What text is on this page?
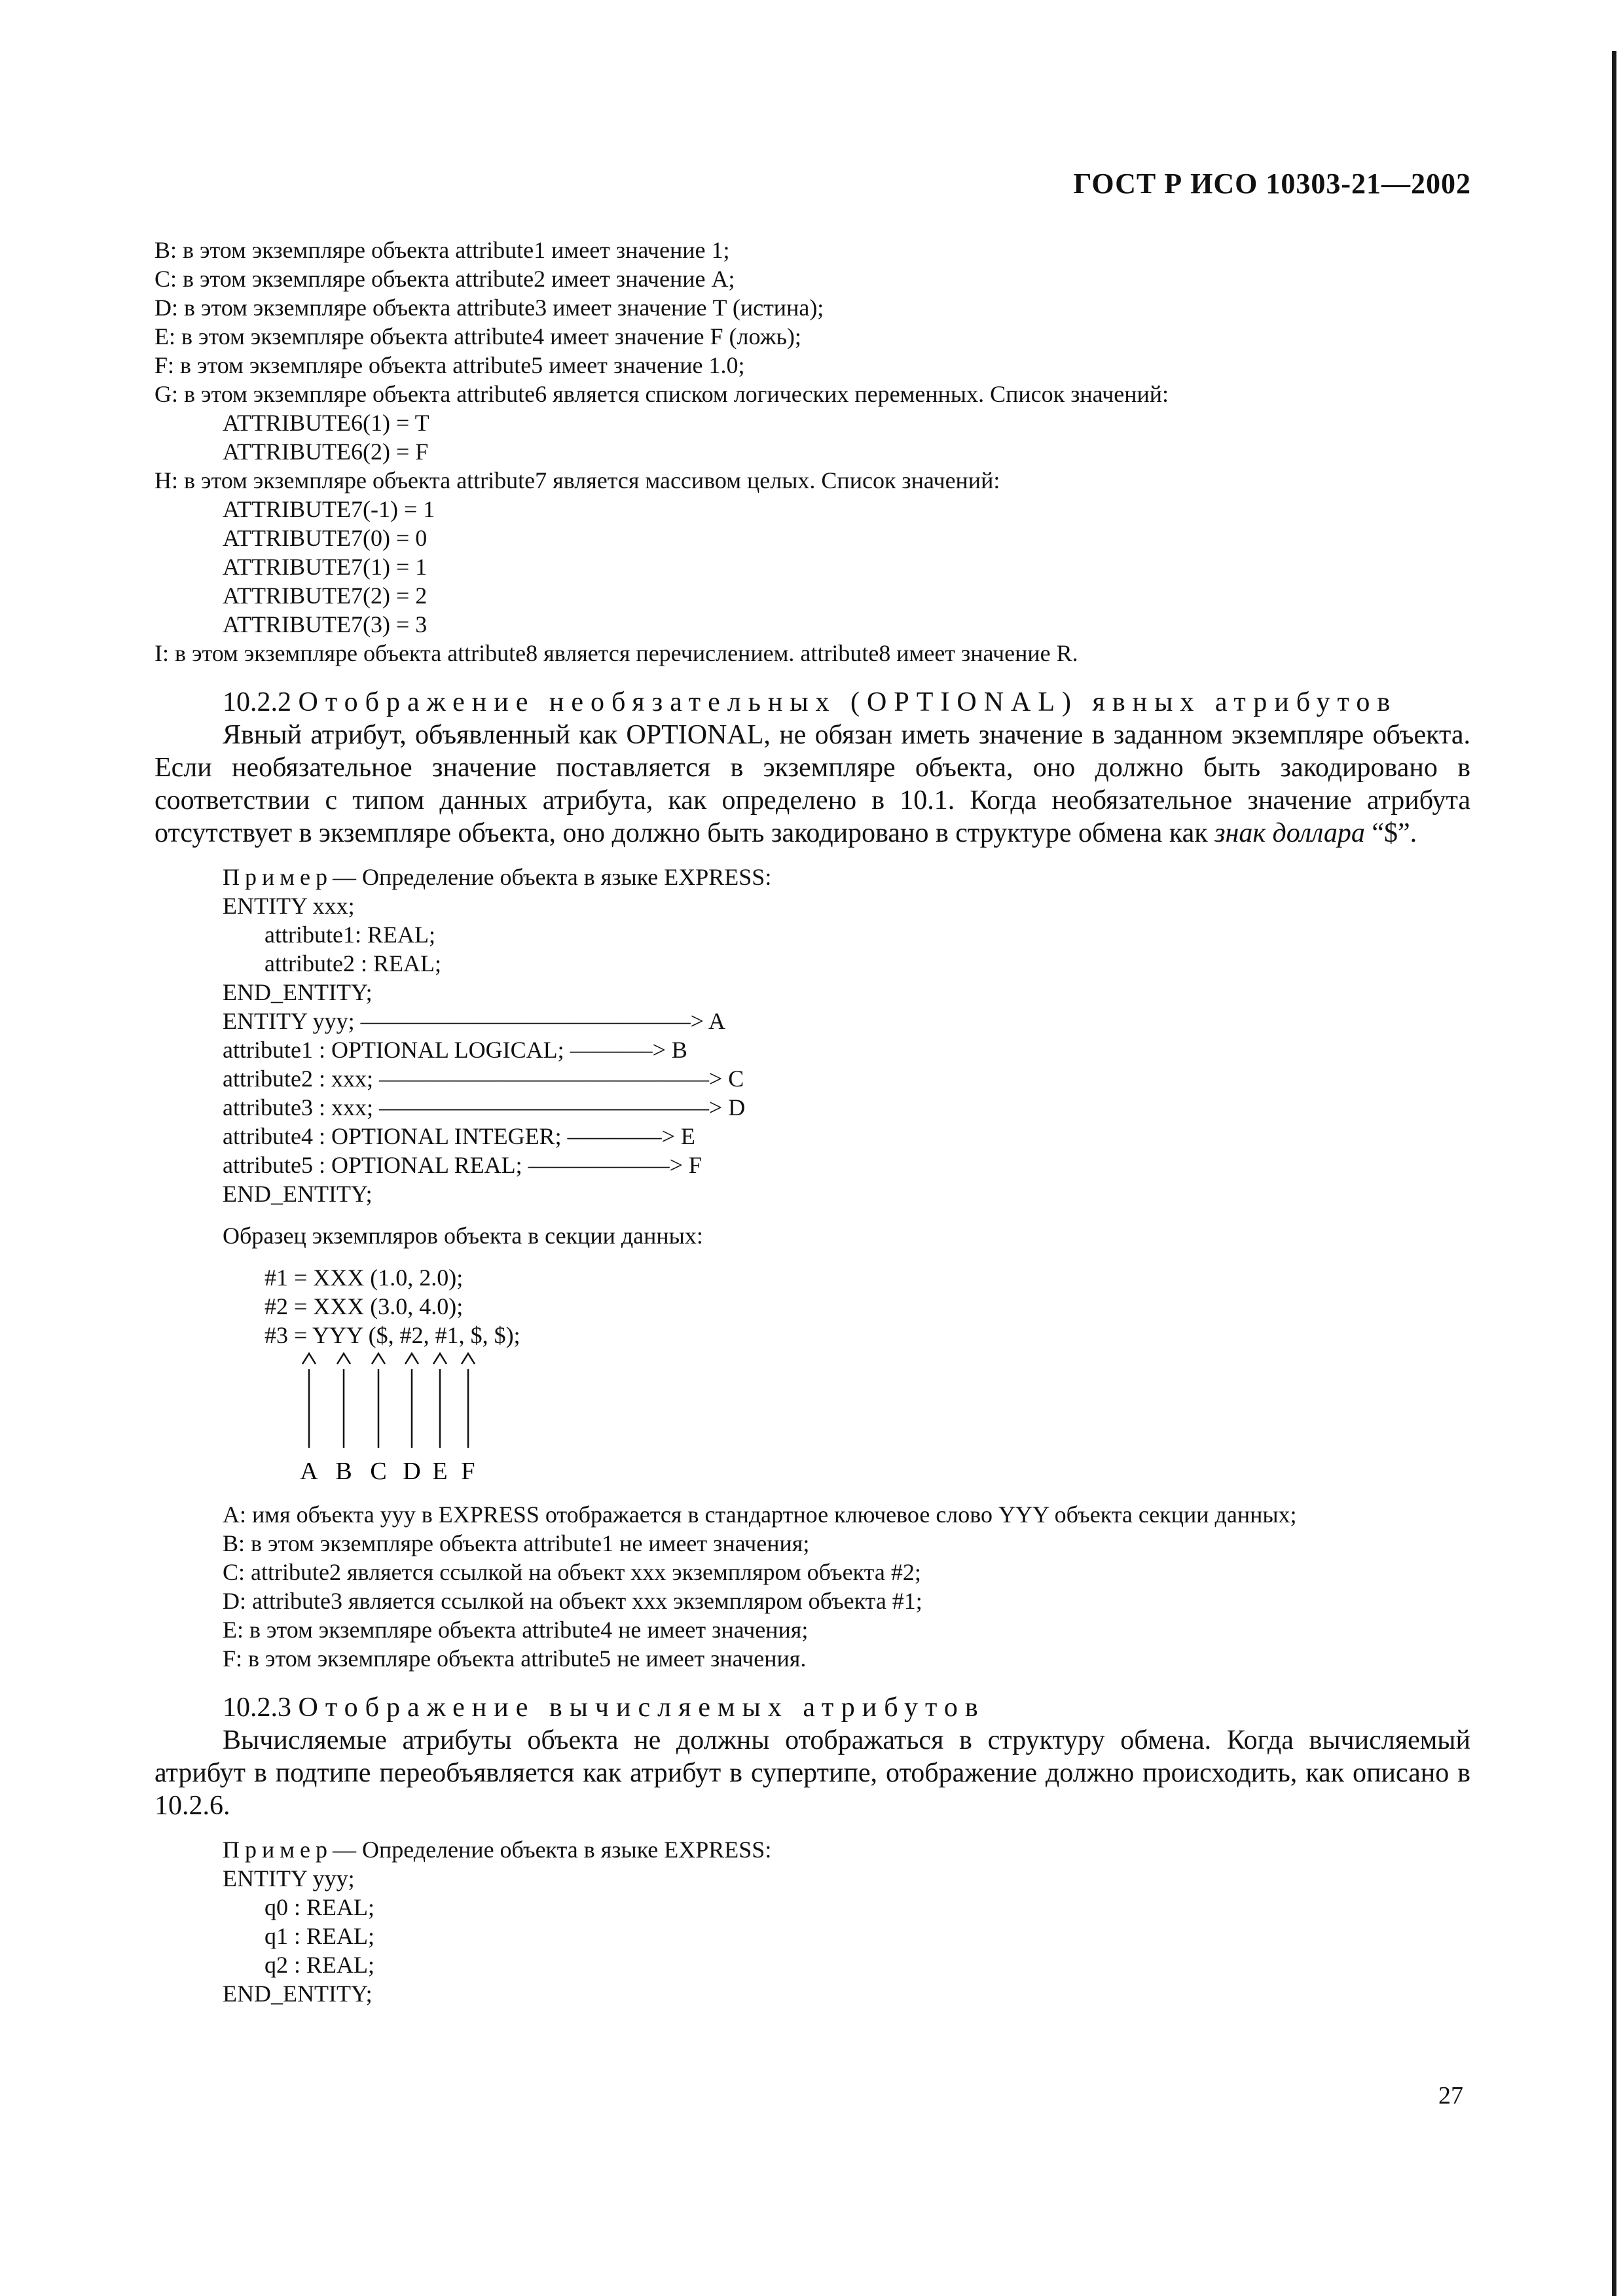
ГОСТ Р ИСО 10303-21—2002
B: в этом экземпляре объекта attribute1 имеет значение 1;
C: в этом экземпляре объекта attribute2 имеет значение A;
D: в этом экземпляре объекта attribute3 имеет значение T (истина);
E: в этом экземпляре объекта attribute4 имеет значение F (ложь);
F: в этом экземпляре объекта attribute5 имеет значение 1.0;
G: в этом экземпляре объекта attribute6 является списком логических переменных. Список значений:
ATTRIBUTE6(1) = T
ATTRIBUTE6(2) = F
H: в этом экземпляре объекта attribute7 является массивом целых. Список значений:
ATTRIBUTE7(-1) = 1
ATTRIBUTE7(0) = 0
ATTRIBUTE7(1) = 1
ATTRIBUTE7(2) = 2
ATTRIBUTE7(3) = 3
I: в этом экземпляре объекта attribute8 является перечислением. attribute8 имеет значение R.
10.2.2 Отображение необязательных (OPTIONAL) явных атрибутов
Явный атрибут, объявленный как OPTIONAL, не обязан иметь значение в заданном экземпляре объекта. Если необязательное значение поставляется в экземпляре объекта, оно должно быть закодировано в соответствии с типом данных атрибута, как определено в 10.1. Когда необязательное значение атрибута отсутствует в экземпляре объекта, оно должно быть закодировано в структуре обмена как знак доллара “$”.
Пример— Определение объекта в языке EXPRESS:
ENTITY xxx;
attribute1: REAL;
attribute2 : REAL;
END_ENTITY;
ENTITY yyy; ——————————————> A
attribute1 : OPTIONAL LOGICAL; ———–> B
attribute2 : xxx; ——————————————> C
attribute3 : xxx; ——————————————> D
attribute4 : OPTIONAL INTEGER; ————> E
attribute5 : OPTIONAL REAL; ——————> F
END_ENTITY;
Образец экземпляров объекта в секции данных:
#1 = XXX (1.0, 2.0);
#2 = XXX (3.0, 4.0);
#3 = YYY ($, #2, #1, $, $);
A B C D E F
A: имя объекта yyy в EXPRESS отображается в стандартное ключевое слово YYY объекта секции данных;
B: в этом экземпляре объекта attribute1 не имеет значения;
C: attribute2 является ссылкой на объект xxx экземпляром объекта #2;
D: attribute3 является ссылкой на объект xxx экземпляром объекта #1;
E: в этом экземпляре объекта attribute4 не имеет значения;
F: в этом экземпляре объекта attribute5 не имеет значения.
10.2.3 Отображение вычисляемых атрибутов
Вычисляемые атрибуты объекта не должны отображаться в структуру обмена. Когда вычисляемый атрибут в подтипе переобъявляется как атрибут в супертипе, отображение должно происходить, как описано в 10.2.6.
Пример— Определение объекта в языке EXPRESS:
ENTITY yyy;
q0 : REAL;
q1 : REAL;
q2 : REAL;
END_ENTITY;
27
